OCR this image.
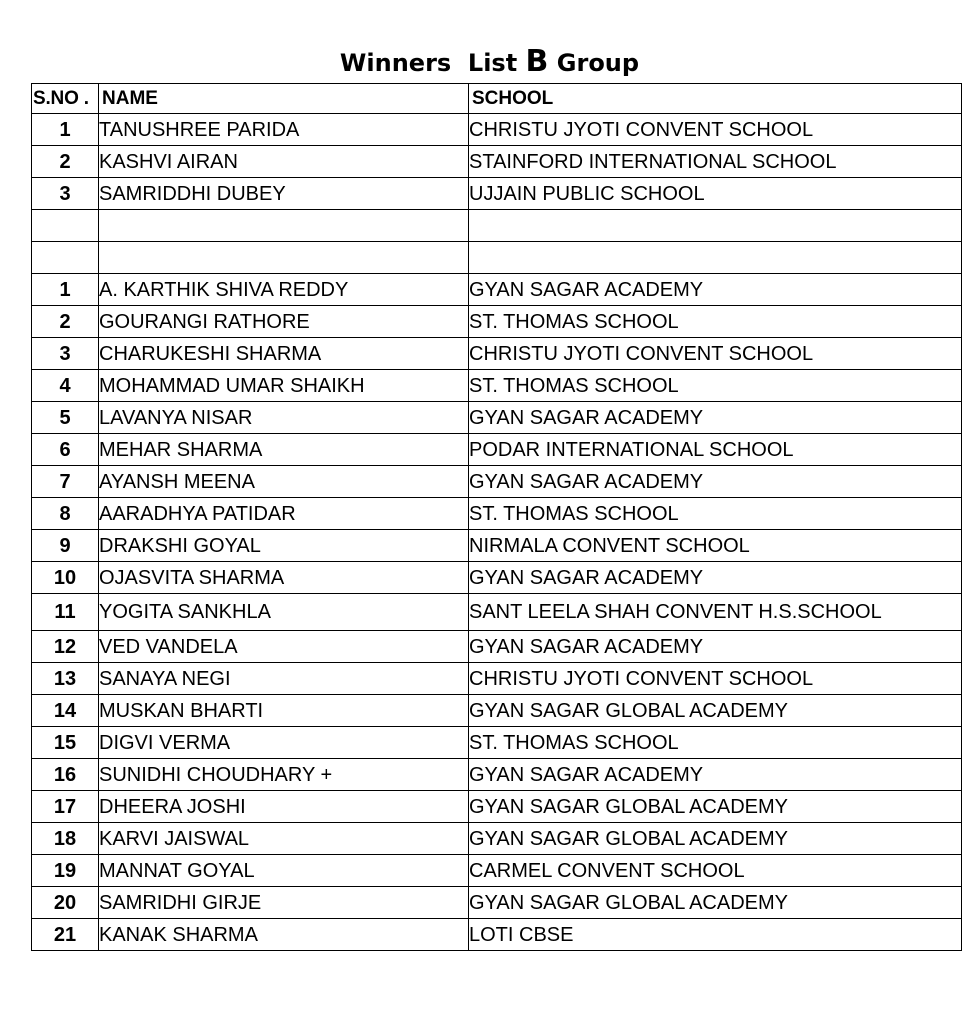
Winners  List B Group
S.NO .	NAME	SCHOOL
1	TANUSHREE PARIDA	CHRISTU JYOTI CONVENT SCHOOL
2	KASHVI AIRAN	STAINFORD INTERNATIONAL SCHOOL
3	SAMRIDDHI DUBEY	UJJAIN PUBLIC SCHOOL

1	A. KARTHIK SHIVA REDDY	GYAN SAGAR ACADEMY
2	GOURANGI RATHORE	ST. THOMAS SCHOOL
3	CHARUKESHI SHARMA	CHRISTU JYOTI CONVENT SCHOOL
4	MOHAMMAD UMAR SHAIKH	ST. THOMAS SCHOOL
5	LAVANYA NISAR	GYAN SAGAR ACADEMY
6	MEHAR SHARMA	PODAR INTERNATIONAL SCHOOL
7	AYANSH MEENA	GYAN SAGAR ACADEMY
8	AARADHYA PATIDAR	ST. THOMAS SCHOOL
9	DRAKSHI GOYAL	NIRMALA CONVENT SCHOOL
10	OJASVITA SHARMA	GYAN SAGAR ACADEMY
11	YOGITA SANKHLA	SANT LEELA SHAH CONVENT H.S.SCHOOL
12	VED VANDELA	GYAN SAGAR ACADEMY
13	SANAYA NEGI	CHRISTU JYOTI CONVENT SCHOOL
14	MUSKAN BHARTI	GYAN SAGAR GLOBAL ACADEMY
15	DIGVI VERMA	ST. THOMAS SCHOOL
16	SUNIDHI CHOUDHARY +	GYAN SAGAR ACADEMY
17	DHEERA JOSHI	GYAN SAGAR GLOBAL ACADEMY
18	KARVI JAISWAL	GYAN SAGAR GLOBAL ACADEMY
19	MANNAT GOYAL	CARMEL CONVENT SCHOOL
20	SAMRIDHI GIRJE	GYAN SAGAR GLOBAL ACADEMY
21	KANAK SHARMA	LOTI CBSE
